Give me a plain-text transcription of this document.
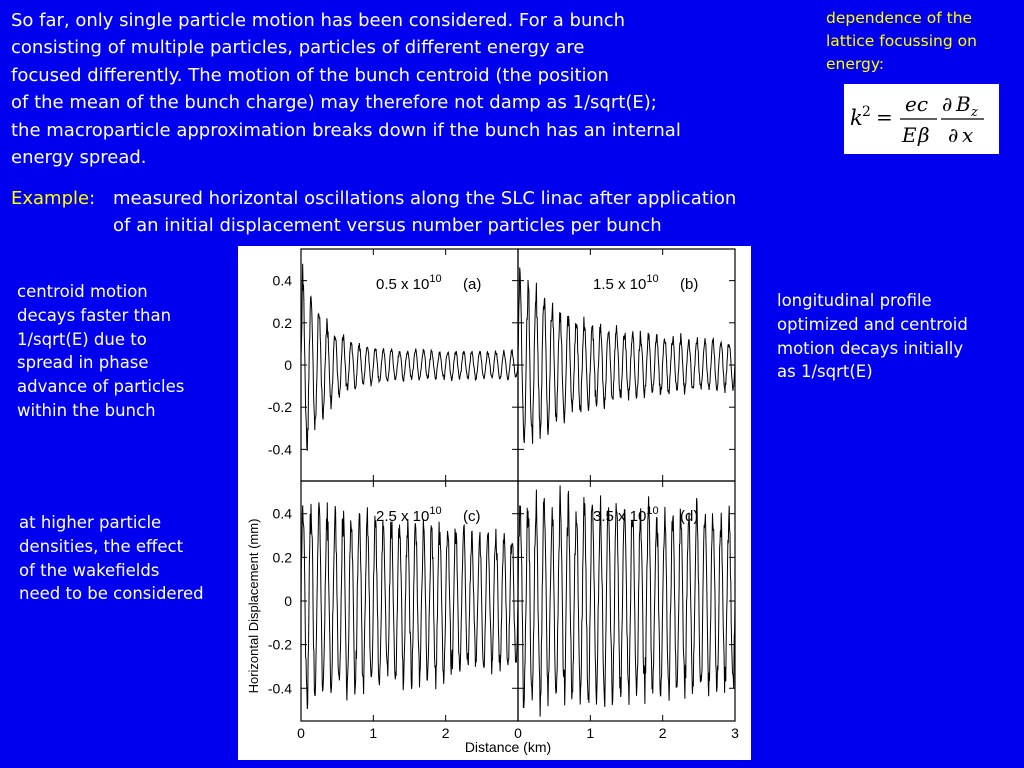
So far, only single particle motion has been considered. For a bunch
consisting of multiple particles, particles of different energy are
focused differently. The motion of the bunch centroid (the position
of the mean of the bunch charge) may therefore not damp as 1/sqrt(E);
the macroparticle approximation breaks down if the bunch has an internal
energy spread.
dependence of the
lattice focussing on
energy:
k 2 =
ec
E β
∂ B z
∂ x
Example: measured horizontal oscillations along the SLC linac after application
of an initial displacement versus number particles per bunch
centroid motion
decays faster than
1/sqrt(E) due to
spread in phase
advance of particles
within the bunch
at higher particle
densities, the effect
of the wakefields
need to be considered
longitudinal profile
optimized and centroid
motion decays initially
as 1/sqrt(E)
Horizontal Displacement (mm)
Distance (km)
0.4
0.2
0
-0.2
-0.4
0.5 x $10^{10}$ (a)	1.5 x $10^{10}$ (b)
0.4
0.2
0
-0.2
-0.4
0	1	2
2.5 x $10^{10}$ (c)
0	1	2	3
3.5 x $10^{10}$ (d)
